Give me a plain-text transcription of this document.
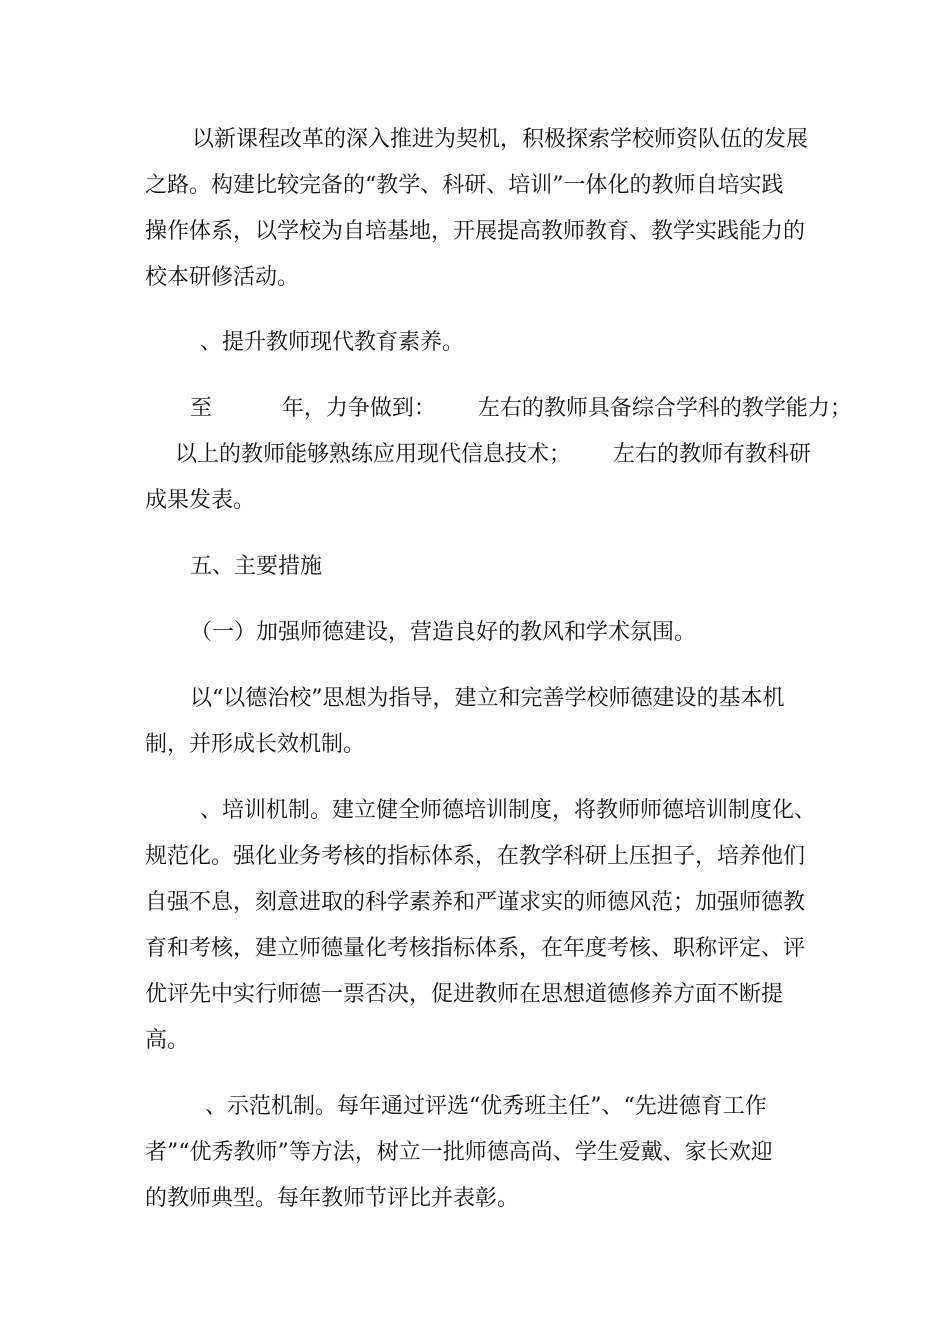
以新课程改革的深入推进为契机，积极探索学校师资队伍的发展
之路。构建比较完备的“教学、科研、培训”一体化的教师自培实践
操作体系，以学校为自培基地，开展提高教师教育、教学实践能力的
校本研修活动。
、提升教师现代教育素养。
至          年，力争做到：      左右的教师具备综合学科的教学能力；
以上的教师能够熟练应用现代信息技术；      左右的教师有教科研
成果发表。
五、主要措施
（一）加强师德建设，营造良好的教风和学术氛围。
以“以德治校”思想为指导，建立和完善学校师德建设的基本机
制，并形成长效机制。
、培训机制。建立健全师德培训制度，将教师师德培训制度化、
规范化。强化业务考核的指标体系，在教学科研上压担子，培养他们
自强不息，刻意进取的科学素养和严谨求实的师德风范；加强师德教
育和考核，建立师德量化考核指标体系，在年度考核、职称评定、评
优评先中实行师德一票否决，促进教师在思想道德修养方面不断提
高。
、示范机制。每年通过评选“优秀班主任”、“先进德育工作
者”“优秀教师”等方法，树立一批师德高尚、学生爱戴、家长欢迎
的教师典型。每年教师节评比并表彰。
